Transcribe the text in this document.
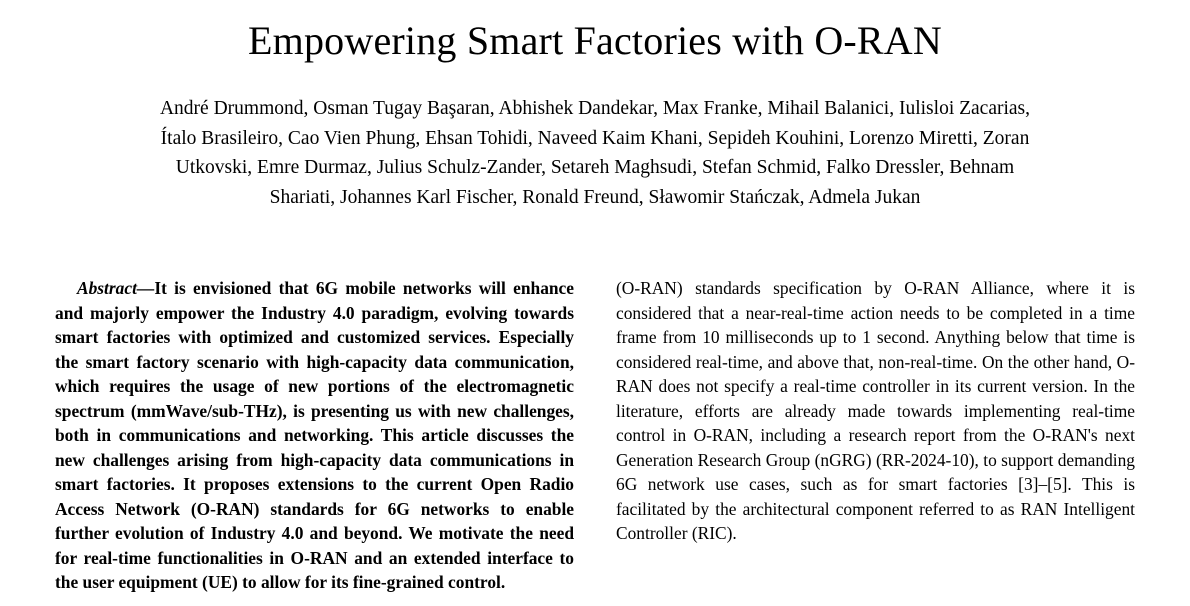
Empowering Smart Factories with O-RAN
André Drummond, Osman Tugay Başaran, Abhishek Dandekar, Max Franke, Mihail Balanici, Iulisloi Zacarias,
Ítalo Brasileiro, Cao Vien Phung, Ehsan Tohidi, Naveed Kaim Khani, Sepideh Kouhini, Lorenzo Miretti, Zoran
Utkovski, Emre Durmaz, Julius Schulz-Zander, Setareh Maghsudi, Stefan Schmid, Falko Dressler, Behnam
Shariati, Johannes Karl Fischer, Ronald Freund, Sławomir Stańczak, Admela Jukan

Abstract—It is envisioned that 6G mobile networks will enhance and majorly empower the Industry 4.0 paradigm, evolving towards smart factories with optimized and customized services. Especially the smart factory scenario with high-capacity data communication, which requires the usage of new portions of the electromagnetic spectrum (mmWave/sub-THz), is presenting us with new challenges, both in communications and networking. This article discusses the new challenges arising from high-capacity data communications in smart factories. It proposes extensions to the current Open Radio Access Network (O-RAN) standards for 6G networks to enable further evolution of Industry 4.0 and beyond. We motivate the need for real-time functionalities in O-RAN and an extended interface to the user equipment (UE) to allow for its fine-grained control.

(O-RAN) standards specification by O-RAN Alliance, where it is considered that a near-real-time action needs to be completed in a time frame from 10 milliseconds up to 1 second. Anything below that time is considered real-time, and above that, non-real-time. On the other hand, O-RAN does not specify a real-time controller in its current version. In the literature, efforts are already made towards implementing real-time control in O-RAN, including a research report from the O-RAN's next Generation Research Group (nGRG) (RR-2024-10), to support demanding 6G network use cases, such as for smart factories [3]–[5]. This is facilitated by the architectural component referred to as RAN Intelligent Controller (RIC).
